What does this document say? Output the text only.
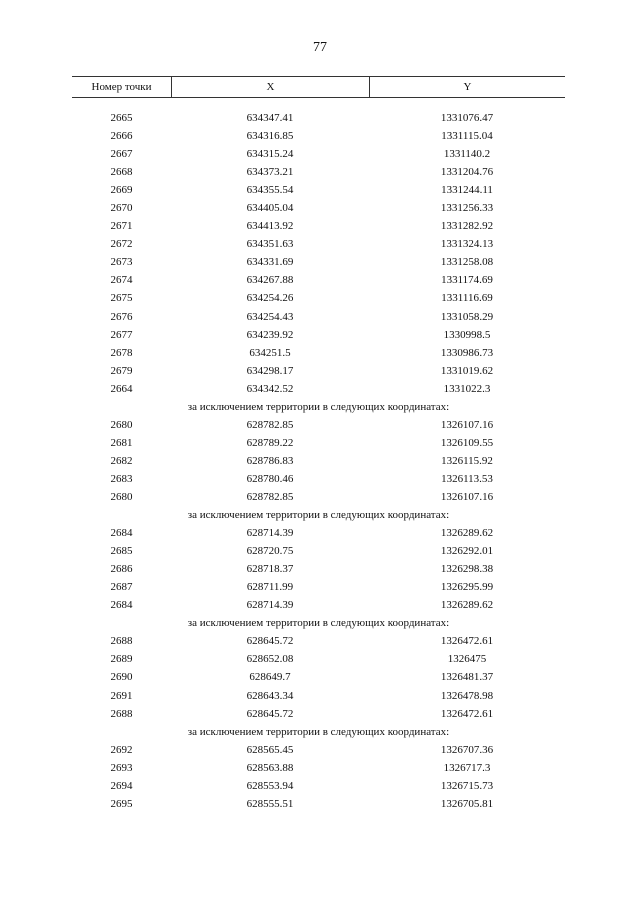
77
Номер точки	X	Y
2665	634347.41	1331076.47
2666	634316.85	1331115.04
2667	634315.24	1331140.2
2668	634373.21	1331204.76
2669	634355.54	1331244.11
2670	634405.04	1331256.33
2671	634413.92	1331282.92
2672	634351.63	1331324.13
2673	634331.69	1331258.08
2674	634267.88	1331174.69
2675	634254.26	1331116.69
2676	634254.43	1331058.29
2677	634239.92	1330998.5
2678	634251.5	1330986.73
2679	634298.17	1331019.62
2664	634342.52	1331022.3
за исключением территории в следующих координатах:
2680	628782.85	1326107.16
2681	628789.22	1326109.55
2682	628786.83	1326115.92
2683	628780.46	1326113.53
2680	628782.85	1326107.16
за исключением территории в следующих координатах:
2684	628714.39	1326289.62
2685	628720.75	1326292.01
2686	628718.37	1326298.38
2687	628711.99	1326295.99
2684	628714.39	1326289.62
за исключением территории в следующих координатах:
2688	628645.72	1326472.61
2689	628652.08	1326475
2690	628649.7	1326481.37
2691	628643.34	1326478.98
2688	628645.72	1326472.61
за исключением территории в следующих координатах:
2692	628565.45	1326707.36
2693	628563.88	1326717.3
2694	628553.94	1326715.73
2695	628555.51	1326705.81
